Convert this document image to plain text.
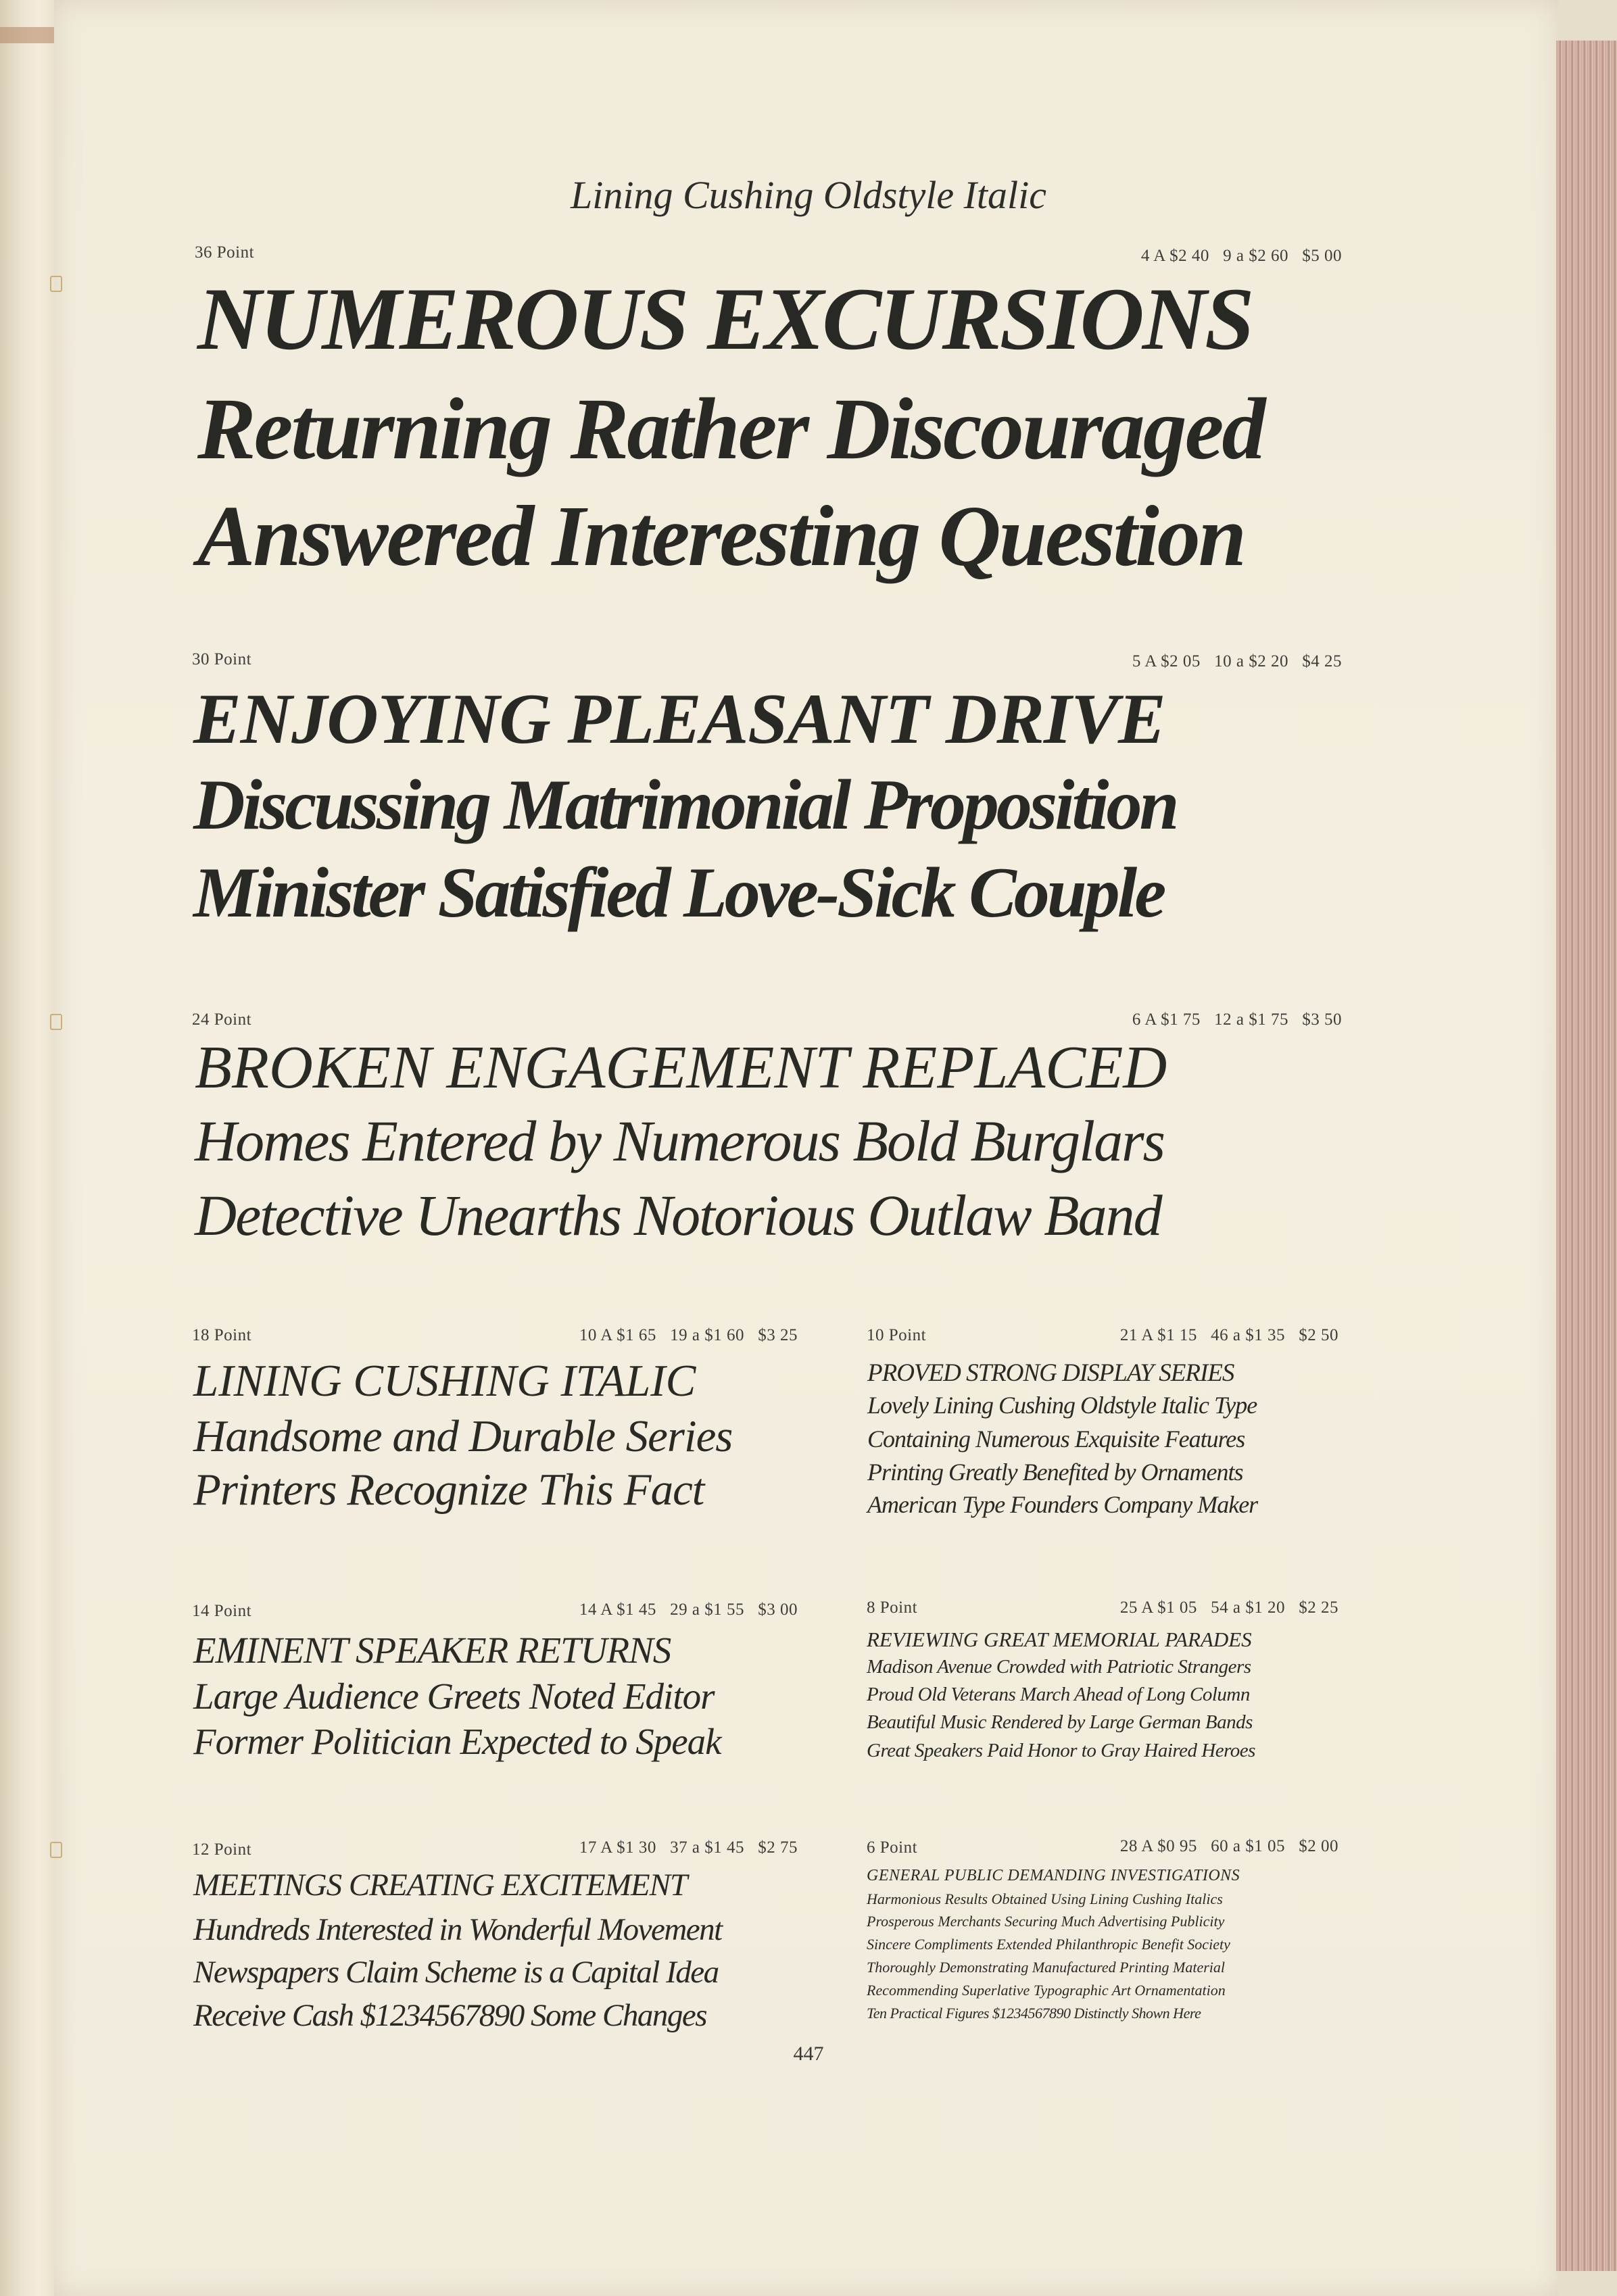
Lining Cushing Oldstyle Italic

36 Point	4 A $2 40   9 a $2 60   $5 00

NUMEROUS EXCURSIONS

Returning Rather Discouraged

Answered Interesting Question

30 Point	5 A $2 05   10 a $2 20   $4 25

ENJOYING PLEASANT DRIVE

Discussing Matrimonial Proposition

Minister Satisfied Love-Sick Couple

24 Point	6 A $1 75   12 a $1 75   $3 50

BROKEN ENGAGEMENT REPLACED

Homes Entered by Numerous Bold Burglars

Detective Unearths Notorious Outlaw Band

18 Point	10 A $1 65   19 a $1 60   $3 25

LINING CUSHING ITALIC

Handsome and Durable Series

Printers Recognize This Fact

10 Point	21 A $1 15   46 a $1 35   $2 50

PROVED STRONG DISPLAY SERIES

Lovely Lining Cushing Oldstyle Italic Type

Containing Numerous Exquisite Features

Printing Greatly Benefited by Ornaments

American Type Founders Company Maker

14 Point	14 A $1 45   29 a $1 55   $3 00

EMINENT SPEAKER RETURNS

Large Audience Greets Noted Editor

Former Politician Expected to Speak

8 Point	25 A $1 05   54 a $1 20   $2 25

REVIEWING GREAT MEMORIAL PARADES

Madison Avenue Crowded with Patriotic Strangers

Proud Old Veterans March Ahead of Long Column

Beautiful Music Rendered by Large German Bands

Great Speakers Paid Honor to Gray Haired Heroes

12 Point	17 A $1 30   37 a $1 45   $2 75

MEETINGS CREATING EXCITEMENT

Hundreds Interested in Wonderful Movement

Newspapers Claim Scheme is a Capital Idea

Receive Cash $1234567890 Some Changes

6 Point	28 A $0 95   60 a $1 05   $2 00

GENERAL PUBLIC DEMANDING INVESTIGATIONS

Harmonious Results Obtained Using Lining Cushing Italics

Prosperous Merchants Securing Much Advertising Publicity

Sincere Compliments Extended Philanthropic Benefit Society

Thoroughly Demonstrating Manufactured Printing Material

Recommending Superlative Typographic Art Ornamentation

Ten Practical Figures $1234567890 Distinctly Shown Here

447
